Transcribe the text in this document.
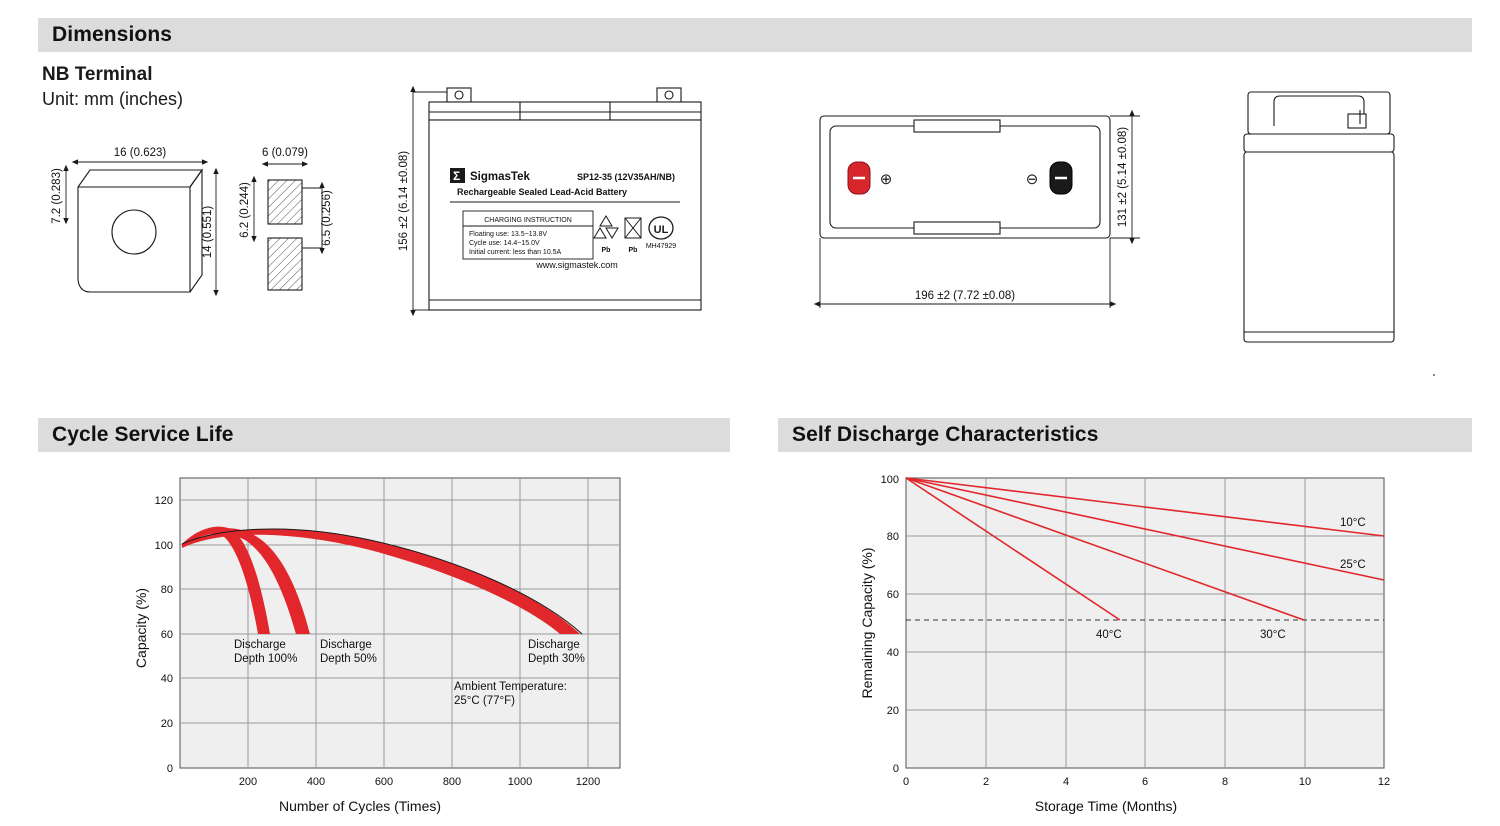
Dimensions
NB Terminal
Unit: mm (inches)
16 (0.623)
7.2 (0.283)
14 (0.551)
6 (0.079)
6.2 (0.244)	6.5 (0.256)
SigmasTek
Σ	SP12-35 (12V35AH/NB)
Rechargeable Sealed Lead-Acid Battery
CHARGING INSTRUCTION
Floating use: 13.5~13.8V
Cycle use: 14.4~15.0V
Initial current: less than 10.5A	Pb	Pb
UL
MH47929
www.sigmastek.com
156 ±2 (6.14 ±0.08)	⊕	⊖	131 ±2 (5.14 ±0.08)
196 ±2 (7.72 ±0.08)
Cycle Service Life
120
100
80
60
40
20
0
200	400	600	800	1000	1200
Discharge
Depth 100%
Discharge
Depth 50%
Discharge
Depth 30%
Ambient Temperature:
25°C (77°F)
Capacity (%)
Number of Cycles (Times)
Self Discharge Characteristics
100
80
60
40
20
0
0	2	4	6	8	10	12
10°C
25°C
40°C	30°C
Remaining Capacity (%)
Storage Time (Months)
